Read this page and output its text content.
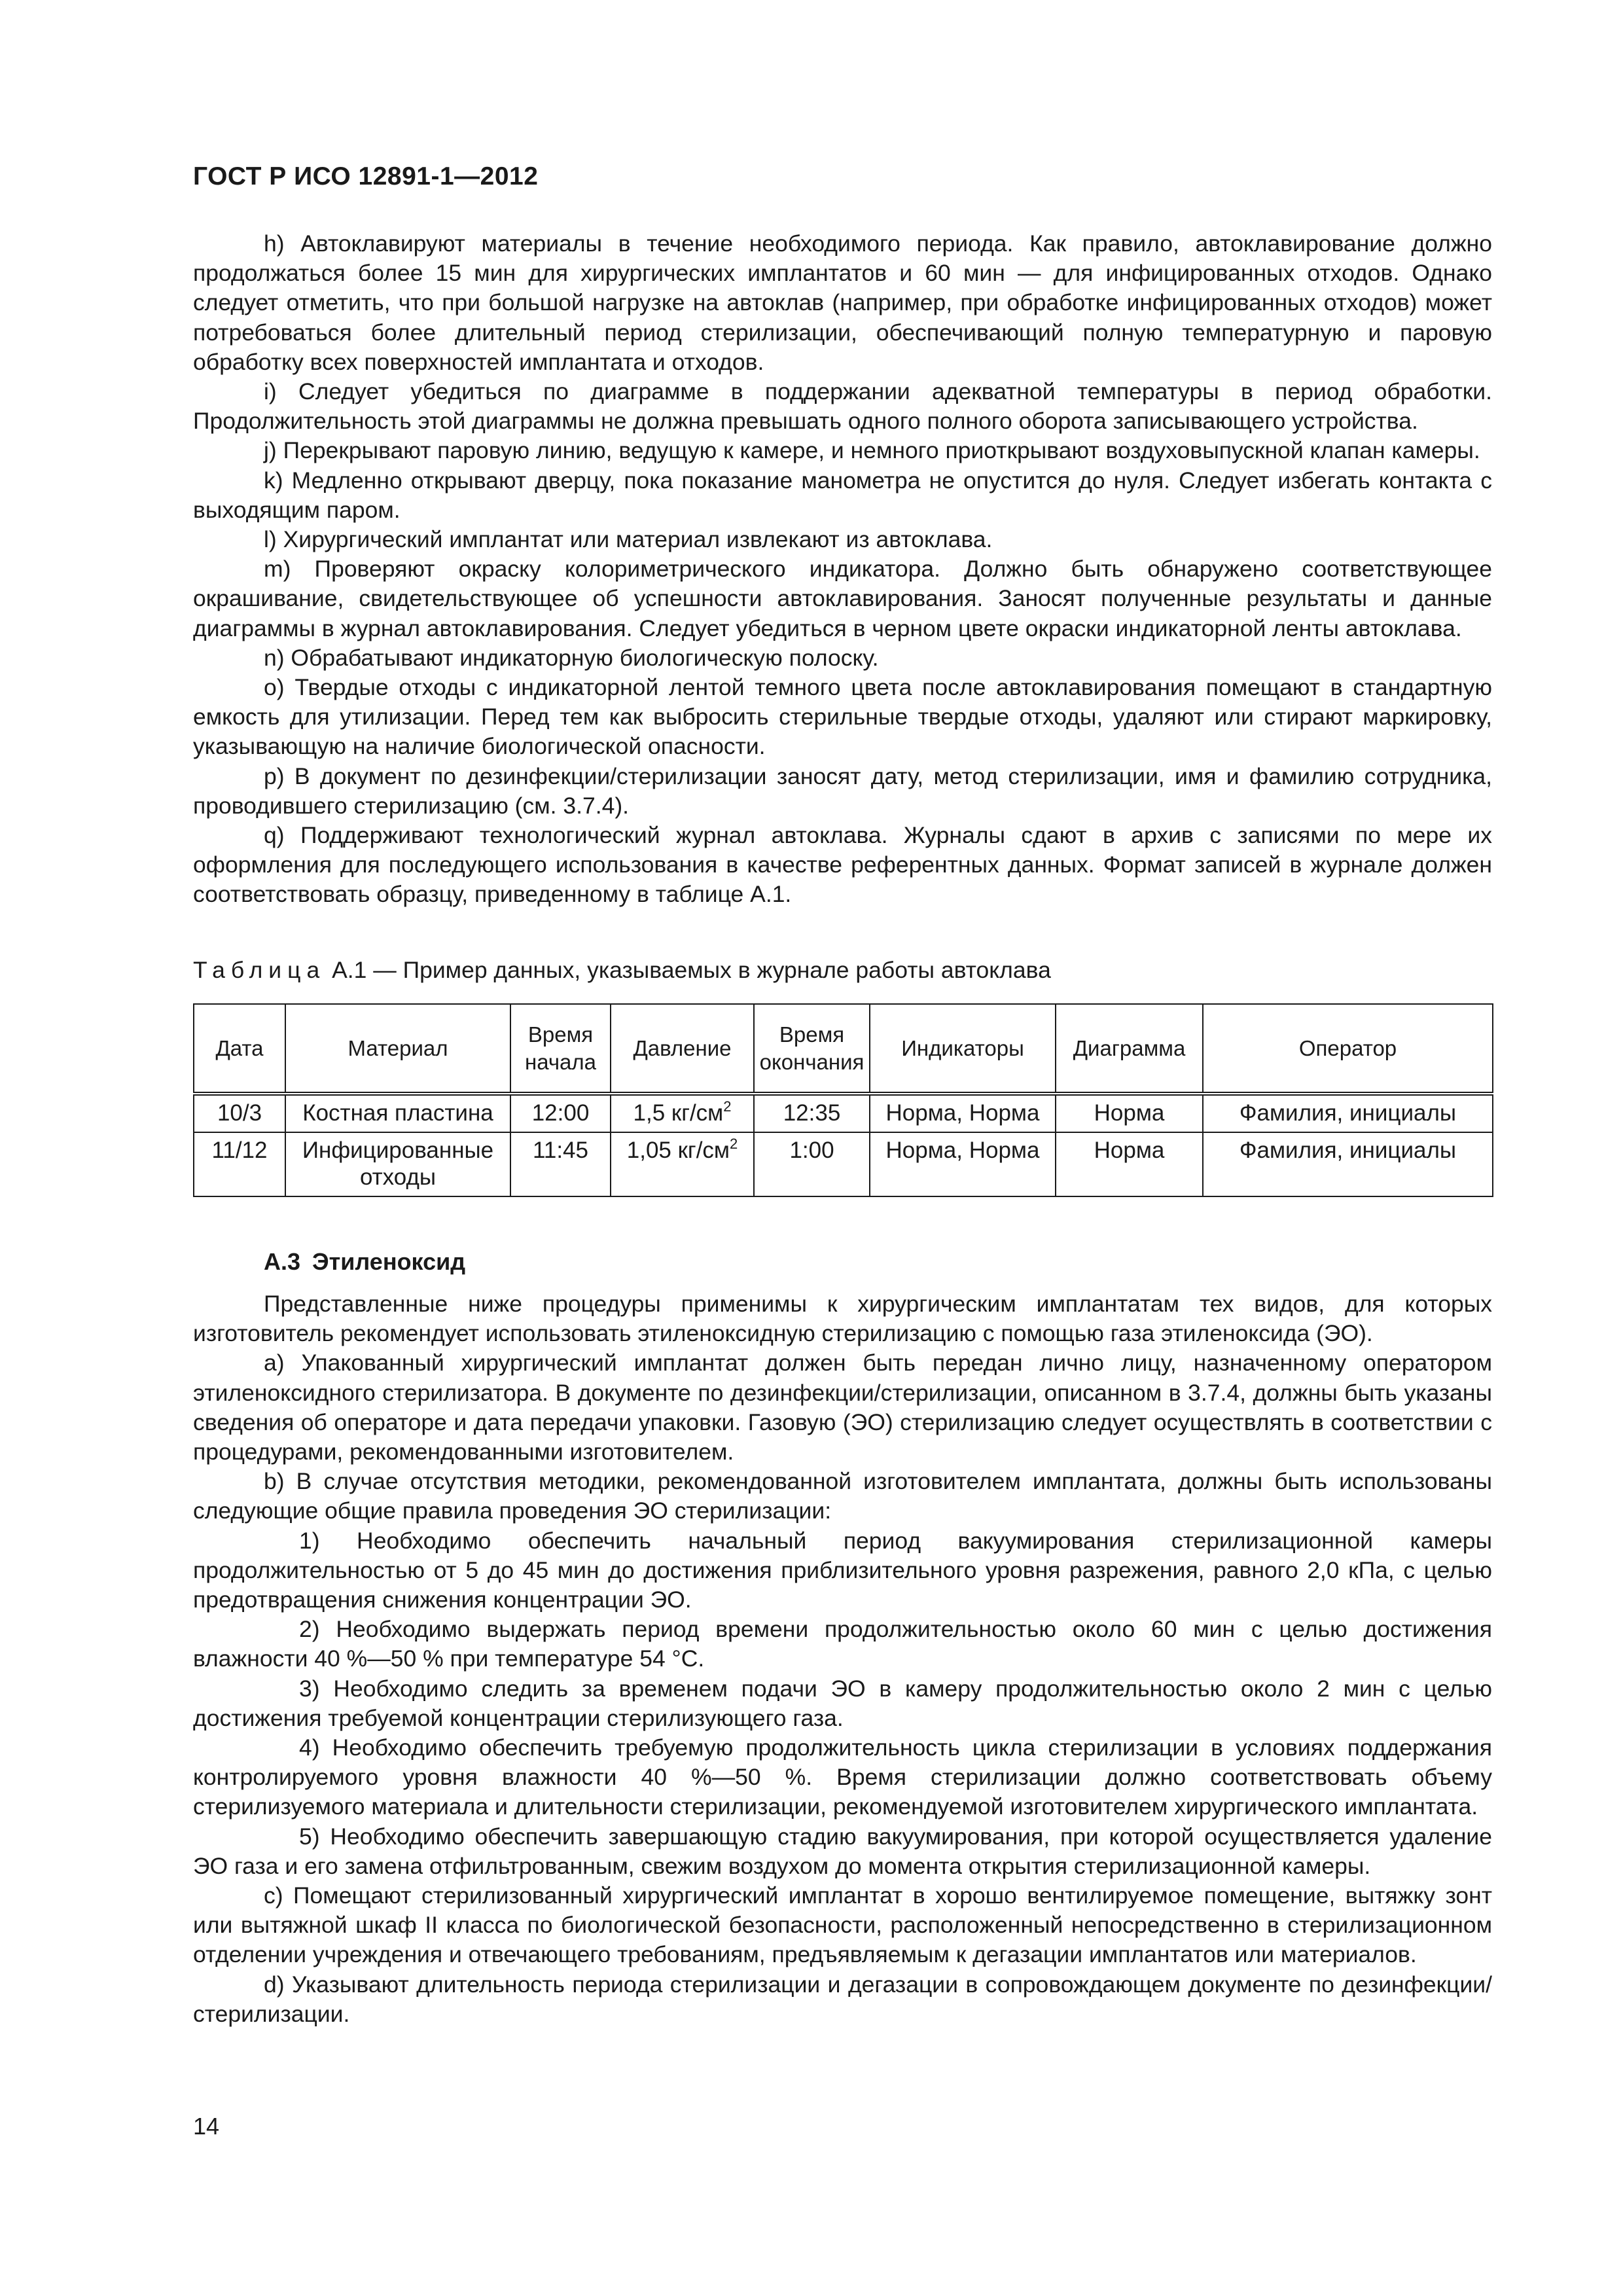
ГОСТ Р ИСО 12891-1—2012

h) Автоклавируют материалы в течение необходимого периода. Как правило, автоклавирование должно продолжаться более 15 мин для хирургических имплантатов и 60 мин — для инфицированных отходов. Однако следует отметить, что при большой нагрузке на автоклав (например, при обработке инфицированных отходов) может потребоваться более длительный период стерилизации, обеспечивающий полную температурную и паровую обработку всех поверхностей имплантата и отходов.

i) Следует убедиться по диаграмме в поддержании адекватной температуры в период обработки. Продолжительность этой диаграммы не должна превышать одного полного оборота записывающего устройства.

j) Перекрывают паровую линию, ведущую к камере, и немного приоткрывают воздуховыпускной клапан камеры.

k) Медленно открывают дверцу, пока показание манометра не опустится до нуля. Следует избегать контакта с выходящим паром.

l) Хирургический имплантат или материал извлекают из автоклава.

m) Проверяют окраску колориметрического индикатора. Должно быть обнаружено соответствующее окрашивание, свидетельствующее об успешности автоклавирования. Заносят полученные результаты и данные диаграммы в журнал автоклавирования. Следует убедиться в черном цвете окраски индикаторной ленты автоклава.

n) Обрабатывают индикаторную биологическую полоску.

o) Твердые отходы с индикаторной лентой темного цвета после автоклавирования помещают в стандартную емкость для утилизации. Перед тем как выбросить стерильные твердые отходы, удаляют или стирают маркировку, указывающую на наличие биологической опасности.

p) В документ по дезинфекции/стерилизации заносят дату, метод стерилизации, имя и фамилию сотрудника, проводившего стерилизацию (см. 3.7.4).

q) Поддерживают технологический журнал автоклава. Журналы сдают в архив с записями по мере их оформления для последующего использования в качестве референтных данных. Формат записей в журнале должен соответствовать образцу, приведенному в таблице А.1.

Таблица А.1 — Пример данных, указываемых в журнале работы автоклава
Дата	Материал	Время начала	Давление	Время окончания	Индикаторы	Диаграмма	Оператор
10/3	Костная пластина	12:00	1,5 $кг/см^2$	12:35	Норма, Норма	Норма	Фамилия, инициалы
11/12	Инфицированные отходы	11:45	1,05 $кг/см^2$	1:00	Норма, Норма	Норма	Фамилия, инициалы
А.3 Этиленоксид

Представленные ниже процедуры применимы к хирургическим имплантатам тех видов, для которых изготовитель рекомендует использовать этиленоксидную стерилизацию с помощью газа этиленоксида (ЭО).

a) Упакованный хирургический имплантат должен быть передан лично лицу, назначенному оператором этиленоксидного стерилизатора. В документе по дезинфекции/стерилизации, описанном в 3.7.4, должны быть указаны сведения об операторе и дата передачи упаковки. Газовую (ЭО) стерилизацию следует осуществлять в соответствии с процедурами, рекомендованными изготовителем.

b) В случае отсутствия методики, рекомендованной изготовителем имплантата, должны быть использованы следующие общие правила проведения ЭО стерилизации:

1) Необходимо обеспечить начальный период вакуумирования стерилизационной камеры продолжительностью от 5 до 45 мин до достижения приблизительного уровня разрежения, равного 2,0 кПа, с целью предотвращения снижения концентрации ЭО.

2) Необходимо выдержать период времени продолжительностью около 60 мин с целью достижения влажности 40 %—50 % при температуре 54 °C.

3) Необходимо следить за временем подачи ЭО в камеру продолжительностью около 2 мин с целью достижения требуемой концентрации стерилизующего газа.

4) Необходимо обеспечить требуемую продолжительность цикла стерилизации в условиях поддержания контролируемого уровня влажности 40 %—50 %. Время стерилизации должно соответствовать объему стерилизуемого материала и длительности стерилизации, рекомендуемой изготовителем хирургического имплантата.

5) Необходимо обеспечить завершающую стадию вакуумирования, при которой осуществляется удаление ЭО газа и его замена отфильтрованным, свежим воздухом до момента открытия стерилизационной камеры.

c) Помещают стерилизованный хирургический имплантат в хорошо вентилируемое помещение, вытяжку зонт или вытяжной шкаф II класса по биологической безопасности, расположенный непосредственно в стерилизационном отделении учреждения и отвечающего требованиям, предъявляемым к дегазации имплантатов или материалов.

d) Указывают длительность периода стерилизации и дегазации в сопровождающем документе по дезинфекции/стерилизации.

14
